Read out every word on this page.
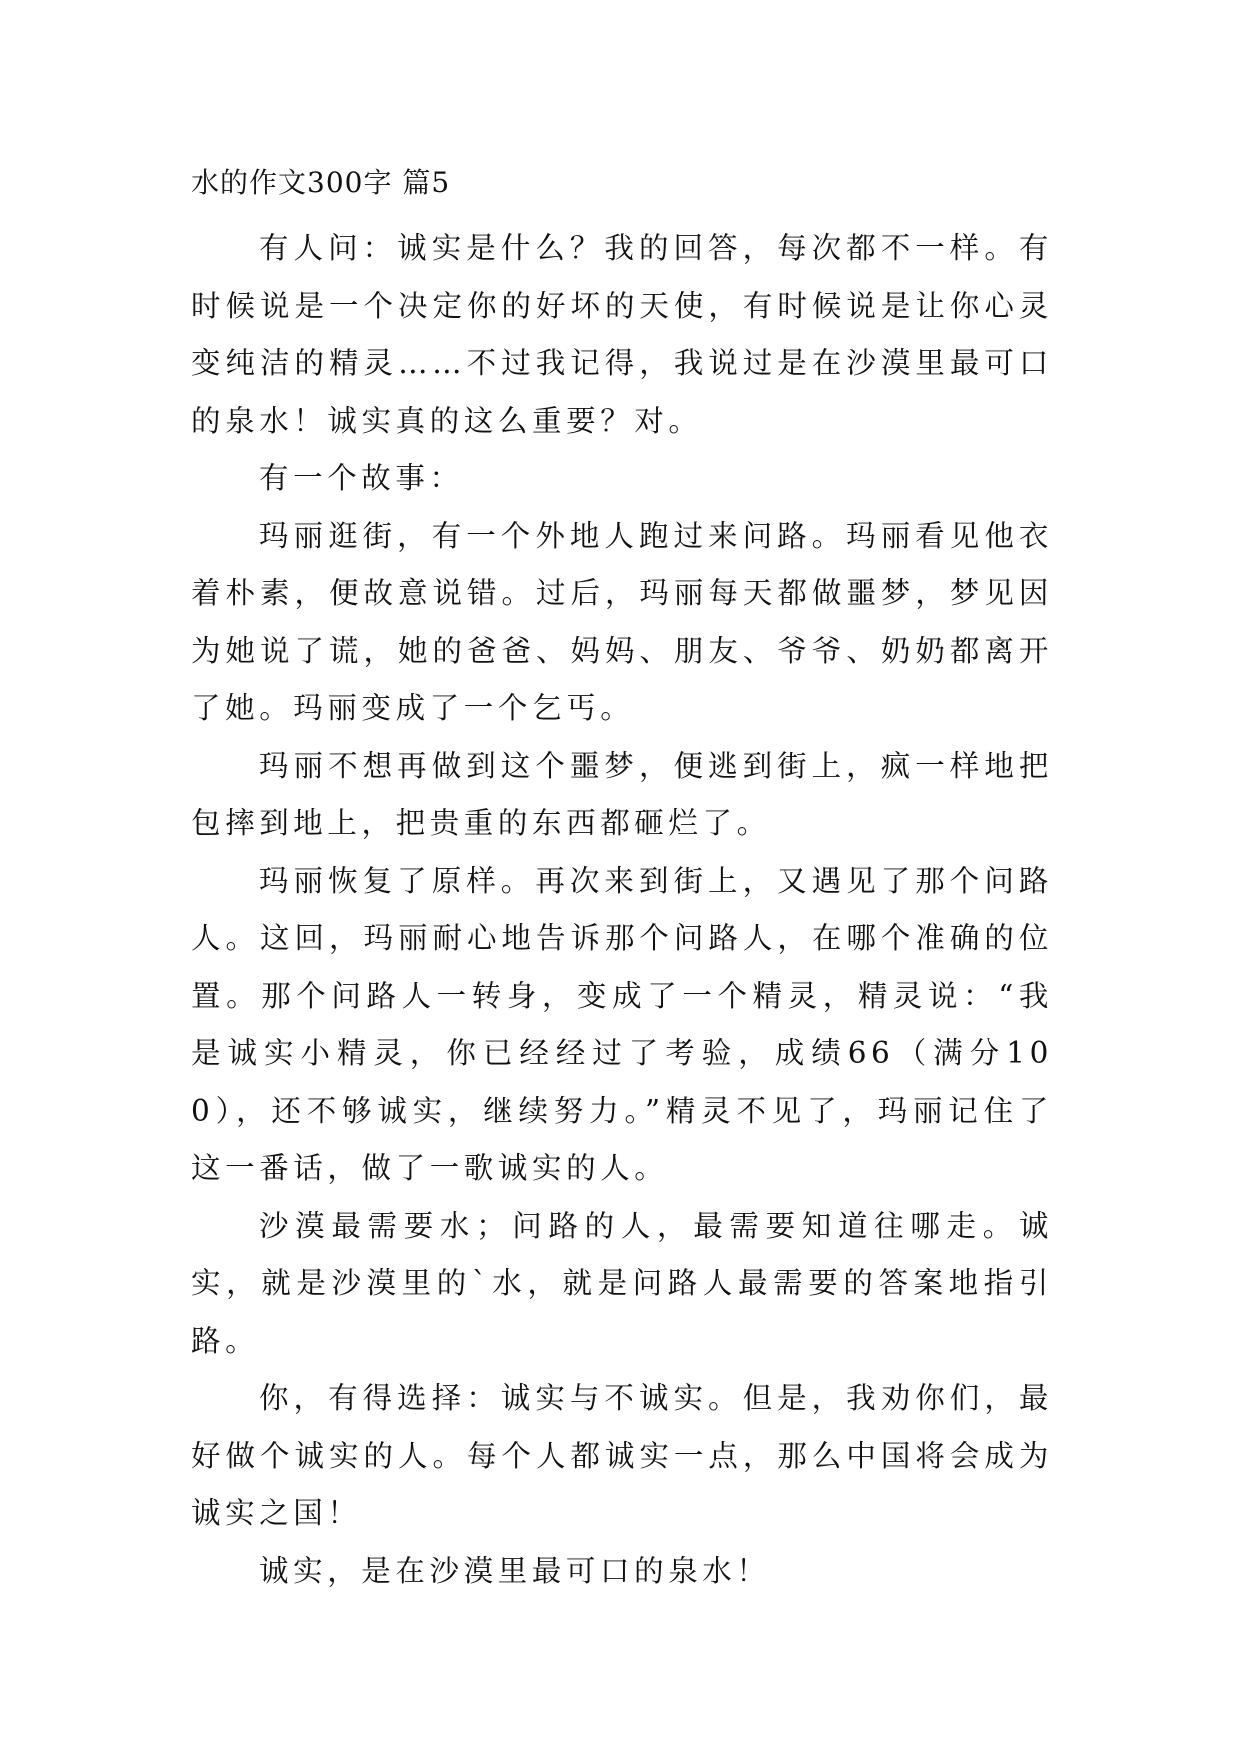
水的作文300字 篇5

有人问：诚实是什么？我的回答，每次都不一样。有时候说是一个决定你的好坏的天使，有时候说是让你心灵变纯洁的精灵……不过我记得，我说过是在沙漠里最可口的泉水！诚实真的这么重要？对。

有一个故事：

玛丽逛街，有一个外地人跑过来问路。玛丽看见他衣着朴素，便故意说错。过后，玛丽每天都做噩梦，梦见因为她说了谎，她的爸爸、妈妈、朋友、爷爷、奶奶都离开了她。玛丽变成了一个乞丐。

玛丽不想再做到这个噩梦，便逃到街上，疯一样地把包摔到地上，把贵重的东西都砸烂了。

玛丽恢复了原样。再次来到街上，又遇见了那个问路人。这回，玛丽耐心地告诉那个问路人，在哪个准确的位置。那个问路人一转身，变成了一个精灵，精灵说：“我是诚实小精灵，你已经经过了考验，成绩66（满分100），还不够诚实，继续努力。”精灵不见了，玛丽记住了这一番话，做了一歌诚实的人。

沙漠最需要水；问路的人，最需要知道往哪走。诚实，就是沙漠里的`水，就是问路人最需要的答案地指引路。

你，有得选择：诚实与不诚实。但是，我劝你们，最好做个诚实的人。每个人都诚实一点，那么中国将会成为诚实之国！

诚实，是在沙漠里最可口的泉水！
